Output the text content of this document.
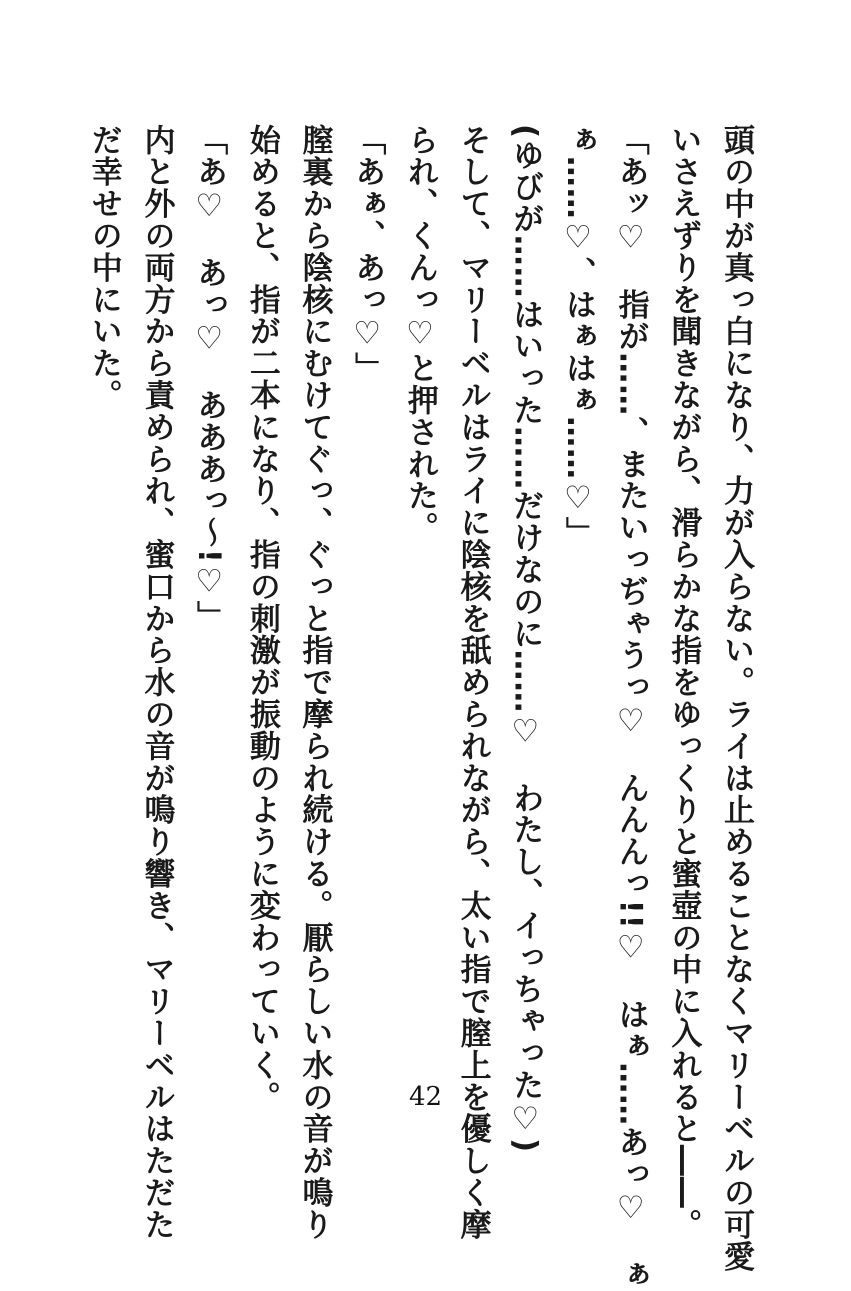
頭の中が真っ白になり、力が入らない。ライは止めることなくマリーベルの可愛
いさえずりを聞きながら、滑らかな指をゆっくりと蜜壺の中に入れると――。
「あッ♡　指が……、またいっぢゃうっ♡　んんんっ!!♡　はぁ……あっ♡　ぁ
ぁ……♡、はぁはぁ……♡」
(ゆびが……はいった……だけなのに……♡　わたし、イっちゃった♡)
そして、マリーベルはライに陰核を舐められながら、太い指で膣上を優しく摩
られ、くんっ♡と押された。
「あぁ、あっ♡」
膣裏から陰核にむけてぐっ、ぐっと指で摩られ続ける。厭らしい水の音が鳴り
始めると、指が二本になり、指の刺激が振動のように変わっていく。
「あ♡　あっ♡　あああっ～!♡」
内と外の両方から責められ、蜜口から水の音が鳴り響き、マリーベルはただた
だ幸せの中にいた。
42
